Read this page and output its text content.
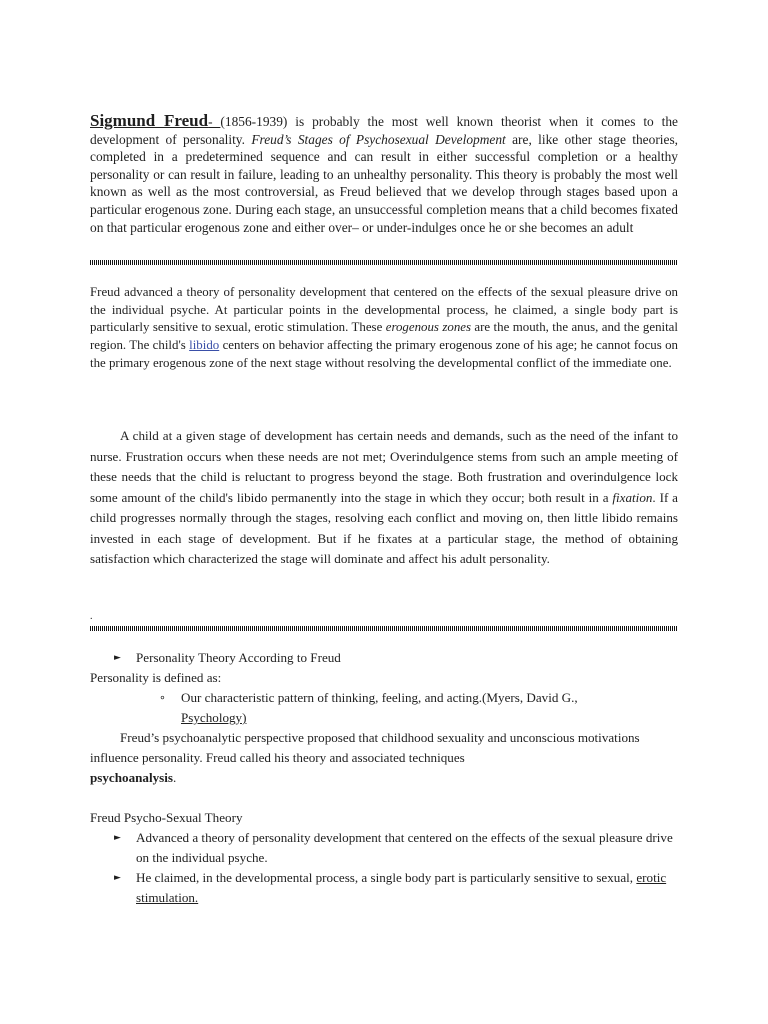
Sigmund Freud- (1856-1939) is probably the most well known theorist when it comes to the development of personality. Freud’s Stages of Psychosexual Development are, like other stage theories, completed in a predetermined sequence and can result in either successful completion or a healthy personality or can result in failure, leading to an unhealthy personality. This theory is probably the most well known as well as the most controversial, as Freud believed that we develop through stages based upon a particular erogenous zone. During each stage, an unsuccessful completion means that a child becomes fixated on that particular erogenous zone and either over– or under-indulges once he or she becomes an adult

Freud advanced a theory of personality development that centered on the effects of the sexual pleasure drive on the individual psyche. At particular points in the developmental process, he claimed, a single body part is particularly sensitive to sexual, erotic stimulation. These erogenous zones are the mouth, the anus, and the genital region. The child's libido centers on behavior affecting the primary erogenous zone of his age; he cannot focus on the primary erogenous zone of the next stage without resolving the developmental conflict of the immediate one.

A child at a given stage of development has certain needs and demands, such as the need of the infant to nurse. Frustration occurs when these needs are not met; Overindulgence stems from such an ample meeting of these needs that the child is reluctant to progress beyond the stage. Both frustration and overindulgence lock some amount of the child's libido permanently into the stage in which they occur; both result in a fixation. If a child progresses normally through the stages, resolving each conflict and moving on, then little libido remains invested in each stage of development. But if he fixates at a particular stage, the method of obtaining satisfaction which characterized the stage will dominate and affect his adult personality.

.
► Personality Theory According to Freud

Personality is defined as:

∘ Our characteristic pattern of thinking, feeling, and acting.(Myers, David G.,
Psychology)

Freud’s psychoanalytic perspective proposed that childhood sexuality and unconscious motivations influence personality. Freud called his theory and associated techniques
psychoanalysis.

Freud Psycho-Sexual Theory

► Advanced a theory of personality development that centered on the effects of the sexual pleasure drive on the individual psyche.
► He claimed, in the developmental process, a single body part is particularly sensitive to sexual, erotic stimulation.
